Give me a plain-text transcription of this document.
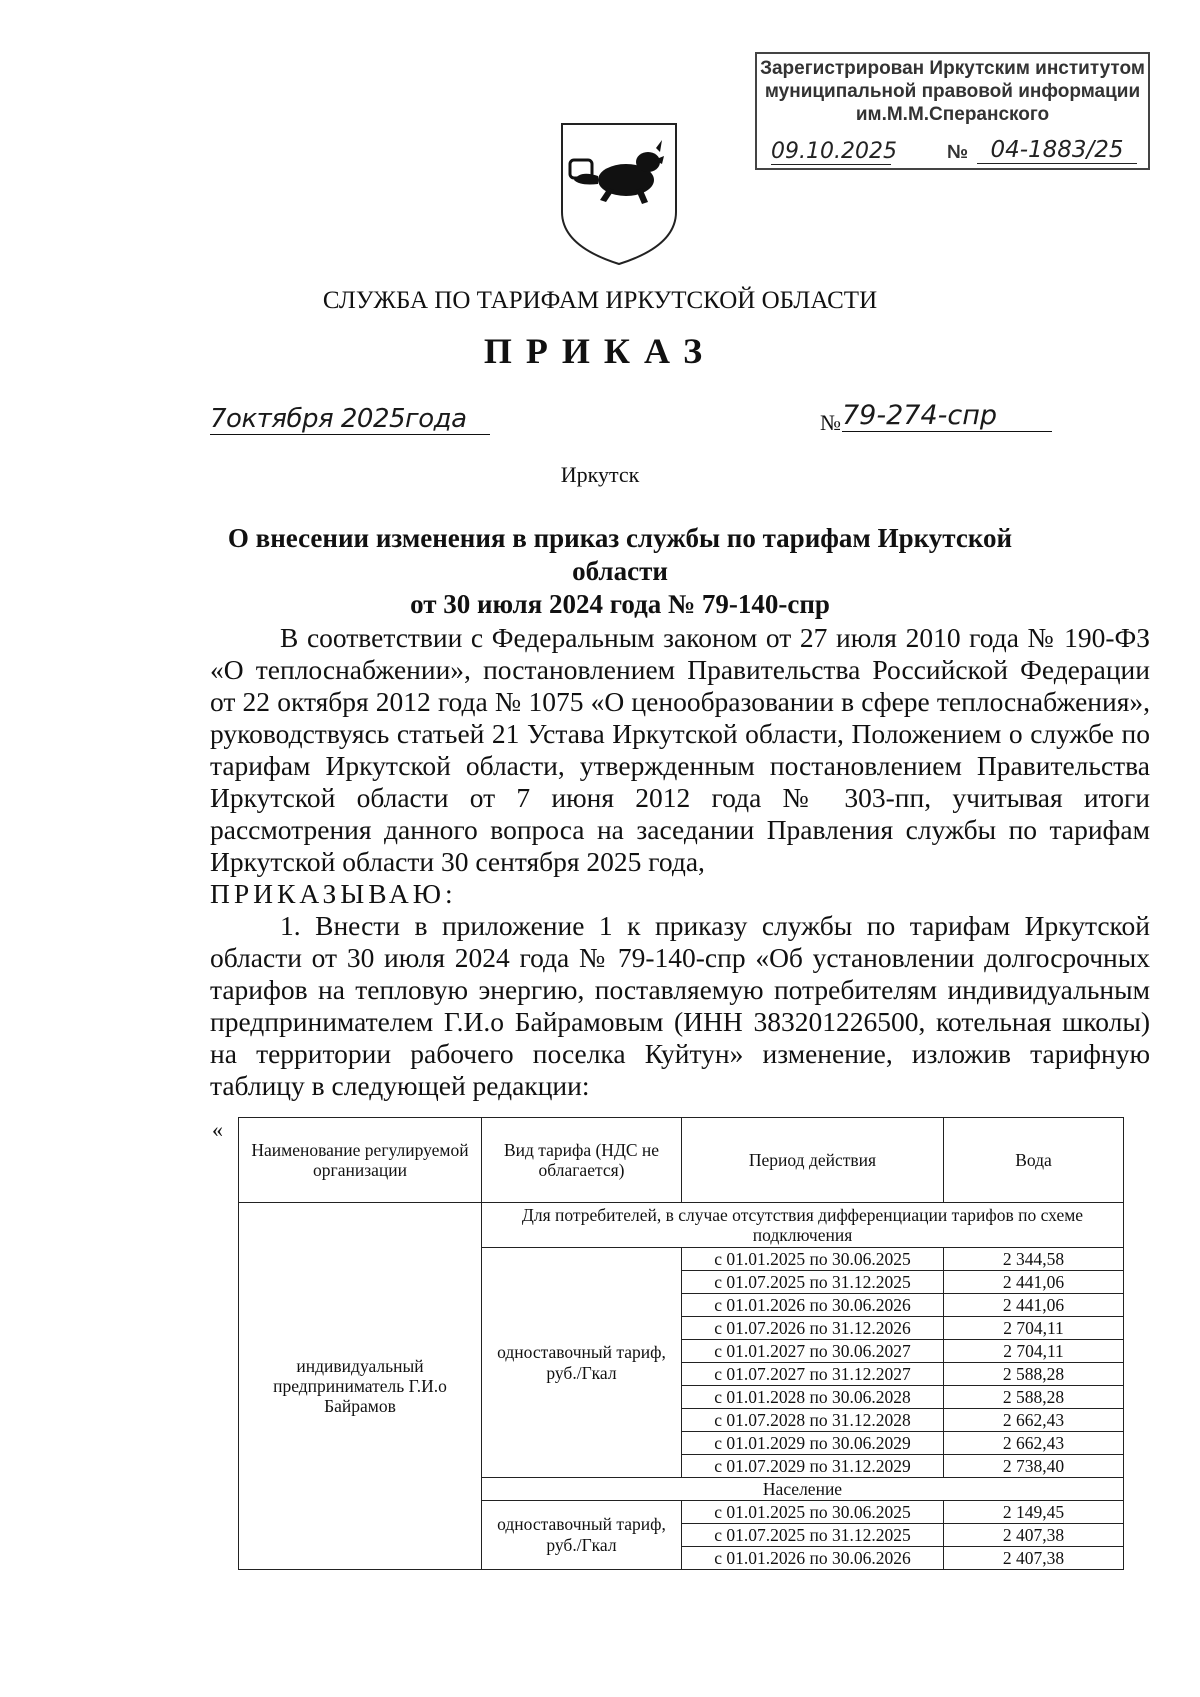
Зарегистрирован Иркутским институтом
муниципальной правовой информации
им.М.М.Сперанского
09.10.2025	№ 04-1883/25
СЛУЖБА ПО ТАРИФАМ ИРКУТСКОЙ ОБЛАСТИ
ПРИКАЗ
7октября 2025года	№ 79-274-спр
Иркутск
О внесении изменения в приказ службы по тарифам Иркутской области
от 30 июля 2024 года № 79-140-спр

В соответствии с Федеральным законом от 27 июля 2010 года № 190-ФЗ «О теплоснабжении», постановлением Правительства Российской Федерации от 22 октября 2012 года № 1075 «О ценообразовании в сфере теплоснабжения», руководствуясь статьей 21 Устава Иркутской области, Положением о службе по тарифам Иркутской области, утвержденным постановлением Правительства Иркутской области от 7 июня 2012 года № 303-пп, учитывая итоги рассмотрения данного вопроса на заседании Правления службы по тарифам Иркутской области 30 сентября 2025 года,

ПРИКАЗЫВАЮ:

1. Внести в приложение 1 к приказу службы по тарифам Иркутской области от 30 июля 2024 года № 79-140-спр «Об установлении долгосрочных тарифов на тепловую энергию, поставляемую потребителям индивидуальным предпринимателем Г.И.о Байрамовым (ИНН 383201226500, котельная школы) на территории рабочего поселка Куйтун» изменение, изложив тарифную таблицу в следующей редакции:

«
Наименование регулируемой организации	Вид тарифа (НДС не облагается)	Период действия	Вода
индивидуальный предприниматель Г.И.о Байрамов	Для потребителей, в случае отсутствия дифференциации тарифов по схеме подключения		
	одноставочный тариф, руб./Гкал	с 01.01.2025 по 30.06.2025	2 344,58
		с 01.07.2025 по 31.12.2025	2 441,06
		с 01.01.2026 по 30.06.2026	2 441,06
		с 01.07.2026 по 31.12.2026	2 704,11
		с 01.01.2027 по 30.06.2027	2 704,11
		с 01.07.2027 по 31.12.2027	2 588,28
		с 01.01.2028 по 30.06.2028	2 588,28
		с 01.07.2028 по 31.12.2028	2 662,43
		с 01.01.2029 по 30.06.2029	2 662,43
		с 01.07.2029 по 31.12.2029	2 738,40
	Население		
	одноставочный тариф, руб./Гкал	с 01.01.2025 по 30.06.2025	2 149,45
		с 01.07.2025 по 31.12.2025	2 407,38
		с 01.01.2026 по 30.06.2026	2 407,38
